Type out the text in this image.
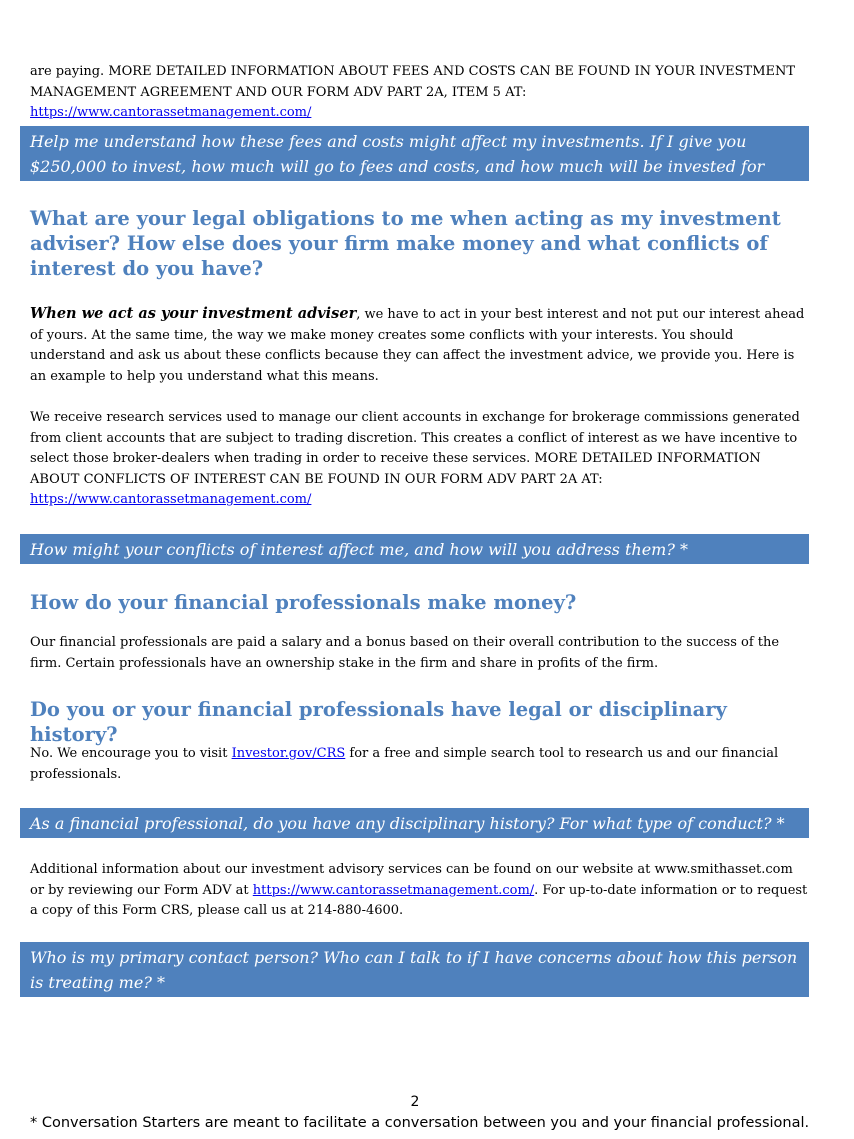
are paying. MORE DETAILED INFORMATION ABOUT FEES AND COSTS CAN BE FOUND IN YOUR INVESTMENT MANAGEMENT AGREEMENT AND OUR FORM ADV PART 2A, ITEM 5 AT: https://www.cantorassetmanagement.com/

Help me understand how these fees and costs might affect my investments. If I give you $250,000 to invest, how much will go to fees and costs, and how much will be invested for me? *
What are your legal obligations to me when acting as my investment adviser? How else does your firm make money and what conflicts of interest do you have?

When we act as your investment adviser, we have to act in your best interest and not put our interest ahead of yours. At the same time, the way we make money creates some conflicts with your interests. You should understand and ask us about these conflicts because they can affect the investment advice, we provide you. Here is an example to help you understand what this means.

We receive research services used to manage our client accounts in exchange for brokerage commissions generated from client accounts that are subject to trading discretion. This creates a conflict of interest as we have incentive to select those broker-dealers when trading in order to receive these services. MORE DETAILED INFORMATION ABOUT CONFLICTS OF INTEREST CAN BE FOUND IN OUR FORM ADV PART 2A AT: https://www.cantorassetmanagement.com/

How might your conflicts of interest affect me, and how will you address them? *
How do your financial professionals make money?

Our financial professionals are paid a salary and a bonus based on their overall contribution to the success of the firm. Certain professionals have an ownership stake in the firm and share in profits of the firm.

Do you or your financial professionals have legal or disciplinary history?

No. We encourage you to visit Investor.gov/CRS for a free and simple search tool to research us and our financial professionals.

As a financial professional, do you have any disciplinary history? For what type of conduct? *

Additional information about our investment advisory services can be found on our website at www.smithasset.com or by reviewing our Form ADV at https://www.cantorassetmanagement.com/. For up-to-date information or to request a copy of this Form CRS, please call us at 214-880-4600.

Who is my primary contact person? Who can I talk to if I have concerns about how this person is treating me? *
2
* Conversation Starters are meant to facilitate a conversation between you and your financial professional.
